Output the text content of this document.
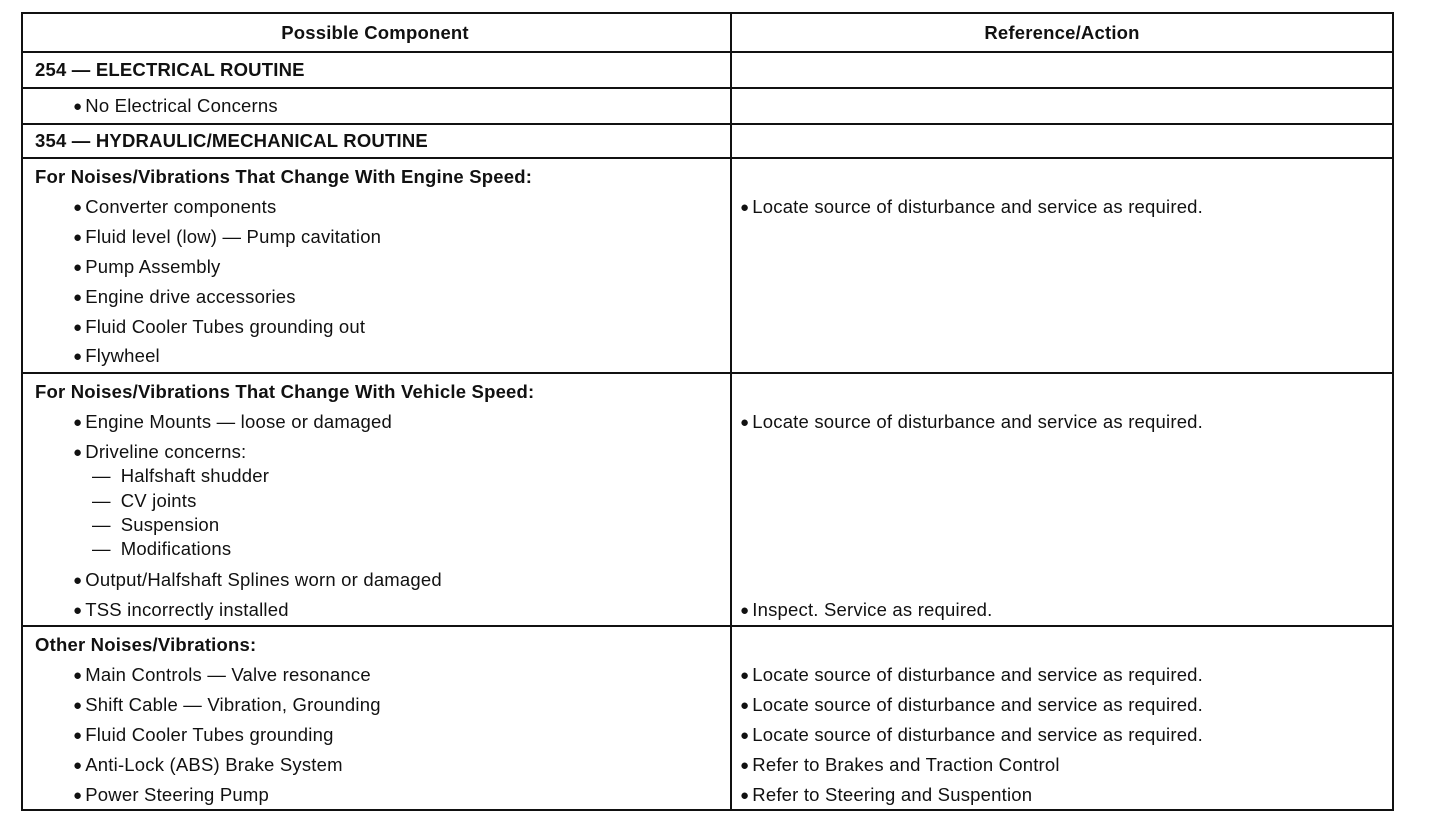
Possible Component	Reference/Action
254 — ELECTRICAL ROUTINE
● No Electrical Concerns
354 — HYDRAULIC/MECHANICAL ROUTINE
For Noises/Vibrations That Change With Engine Speed:
● Converter components
● Fluid level (low) — Pump cavitation
● Pump Assembly
● Engine drive accessories
● Fluid Cooler Tubes grounding out
● Flywheel
● Locate source of disturbance and service as required.
For Noises/Vibrations That Change With Vehicle Speed:
● Engine Mounts — loose or damaged
● Driveline concerns:
— Halfshaft shudder
— CV joints
— Suspension
— Modifications
● Output/Halfshaft Splines worn or damaged
● TSS incorrectly installed
● Locate source of disturbance and service as required.
● Inspect. Service as required.
Other Noises/Vibrations:
● Main Controls — Valve resonance
● Shift Cable — Vibration, Grounding
● Fluid Cooler Tubes grounding
● Anti-Lock (ABS) Brake System
● Power Steering Pump
● Locate source of disturbance and service as required.
● Locate source of disturbance and service as required.
● Locate source of disturbance and service as required.
● Refer to Brakes and Traction Control
● Refer to Steering and Suspention
